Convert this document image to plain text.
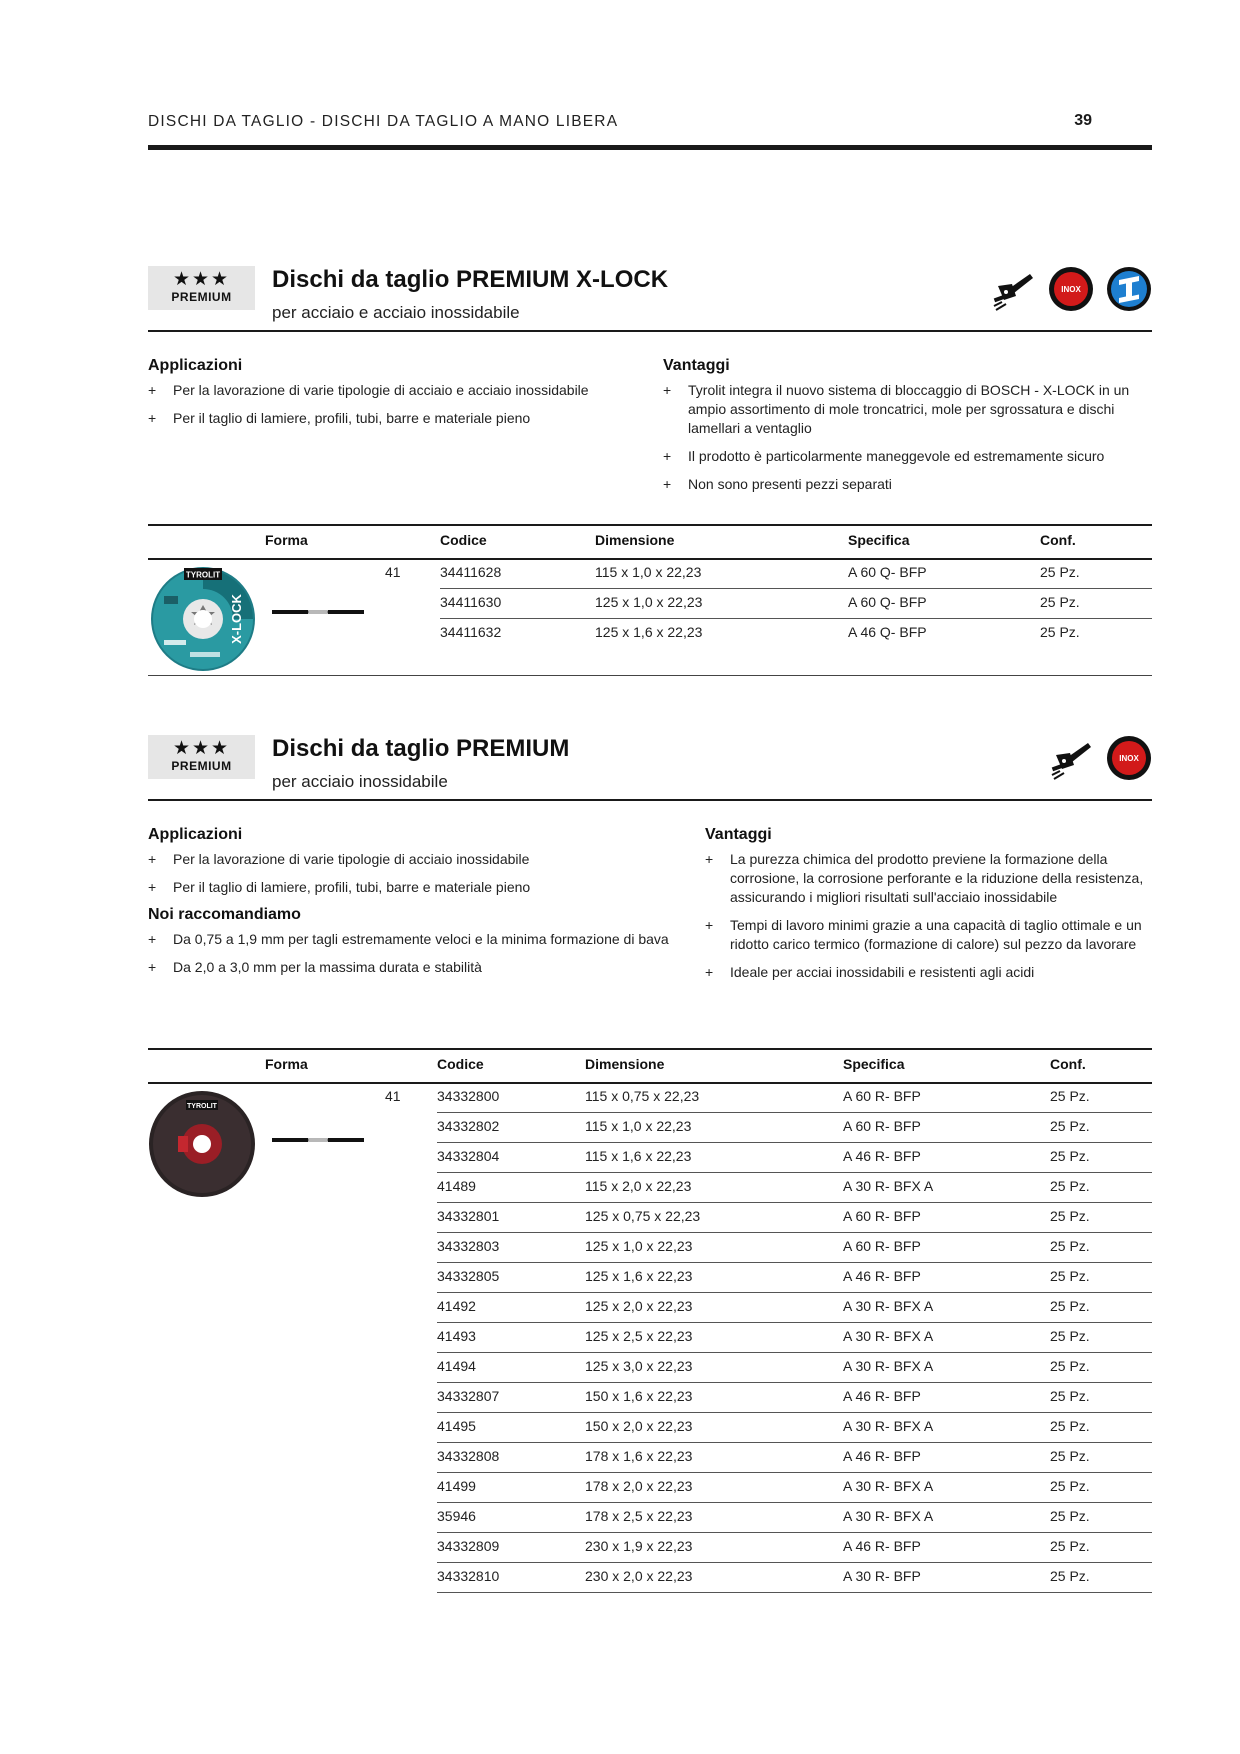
DISCHI DA TAGLIO - DISCHI DA TAGLIO A MANO LIBERA	39
★★★
PREMIUM
Dischi da taglio PREMIUM X-LOCK
per acciaio e acciaio inossidabile
INOX
Applicazioni
+ Per la lavorazione di varie tipologie di acciaio e acciaio inossidabile
+ Per il taglio di lamiere, profili, tubi, barre e materiale pieno
Vantaggi
+ Tyrolit integra il nuovo sistema di bloccaggio di BOSCH - X-LOCK in un ampio assortimento di mole troncatrici, mole per sgrossatura e dischi lamellari a ventaglio
+ Il prodotto è particolarmente maneggevole ed estremamente sicuro
+ Non sono presenti pezzi separati
Forma	Codice	Dimensione	Specifica	Conf.
TYROLIT
X-LOCK
41	34411628	115 x 1,0 x 22,23	A 60 Q- BFP	25 Pz.
34411630	125 x 1,0 x 22,23	A 60 Q- BFP	25 Pz.
34411632	125 x 1,6 x 22,23	A 46 Q- BFP	25 Pz.
★★★
PREMIUM
Dischi da taglio PREMIUM
per acciaio inossidabile
INOX
Applicazioni
+ Per la lavorazione di varie tipologie di acciaio inossidabile
+ Per il taglio di lamiere, profili, tubi, barre e materiale pieno
Noi raccomandiamo
+ Da 0,75 a 1,9 mm per tagli estremamente veloci e la minima formazione di bava
+ Da 2,0 a 3,0 mm per la massima durata e stabilità
Vantaggi
+ La purezza chimica del prodotto previene la formazione della corrosione, la corrosione perforante e la riduzione della resistenza, assicurando i migliori risultati sull'acciaio inossidabile
+ Tempi di lavoro minimi grazie a una capacità di taglio ottimale e un ridotto carico termico (formazione di calore) sul pezzo da lavorare
+ Ideale per acciai inossidabili e resistenti agli acidi
Forma	Codice	Dimensione	Specifica	Conf.
TYROLIT
41	34332800	115 x 0,75 x 22,23	A 60 R- BFP	25 Pz.
34332802	115 x 1,0 x 22,23	A 60 R- BFP	25 Pz.
34332804	115 x 1,6 x 22,23	A 46 R- BFP	25 Pz.
41489	115 x 2,0 x 22,23	A 30 R- BFX A	25 Pz.
34332801	125 x 0,75 x 22,23	A 60 R- BFP	25 Pz.
34332803	125 x 1,0 x 22,23	A 60 R- BFP	25 Pz.
34332805	125 x 1,6 x 22,23	A 46 R- BFP	25 Pz.
41492	125 x 2,0 x 22,23	A 30 R- BFX A	25 Pz.
41493	125 x 2,5 x 22,23	A 30 R- BFX A	25 Pz.
41494	125 x 3,0 x 22,23	A 30 R- BFX A	25 Pz.
34332807	150 x 1,6 x 22,23	A 46 R- BFP	25 Pz.
41495	150 x 2,0 x 22,23	A 30 R- BFX A	25 Pz.
34332808	178 x 1,6 x 22,23	A 46 R- BFP	25 Pz.
41499	178 x 2,0 x 22,23	A 30 R- BFX A	25 Pz.
35946	178 x 2,5 x 22,23	A 30 R- BFX A	25 Pz.
34332809	230 x 1,9 x 22,23	A 46 R- BFP	25 Pz.
34332810	230 x 2,0 x 22,23	A 30 R- BFP	25 Pz.
